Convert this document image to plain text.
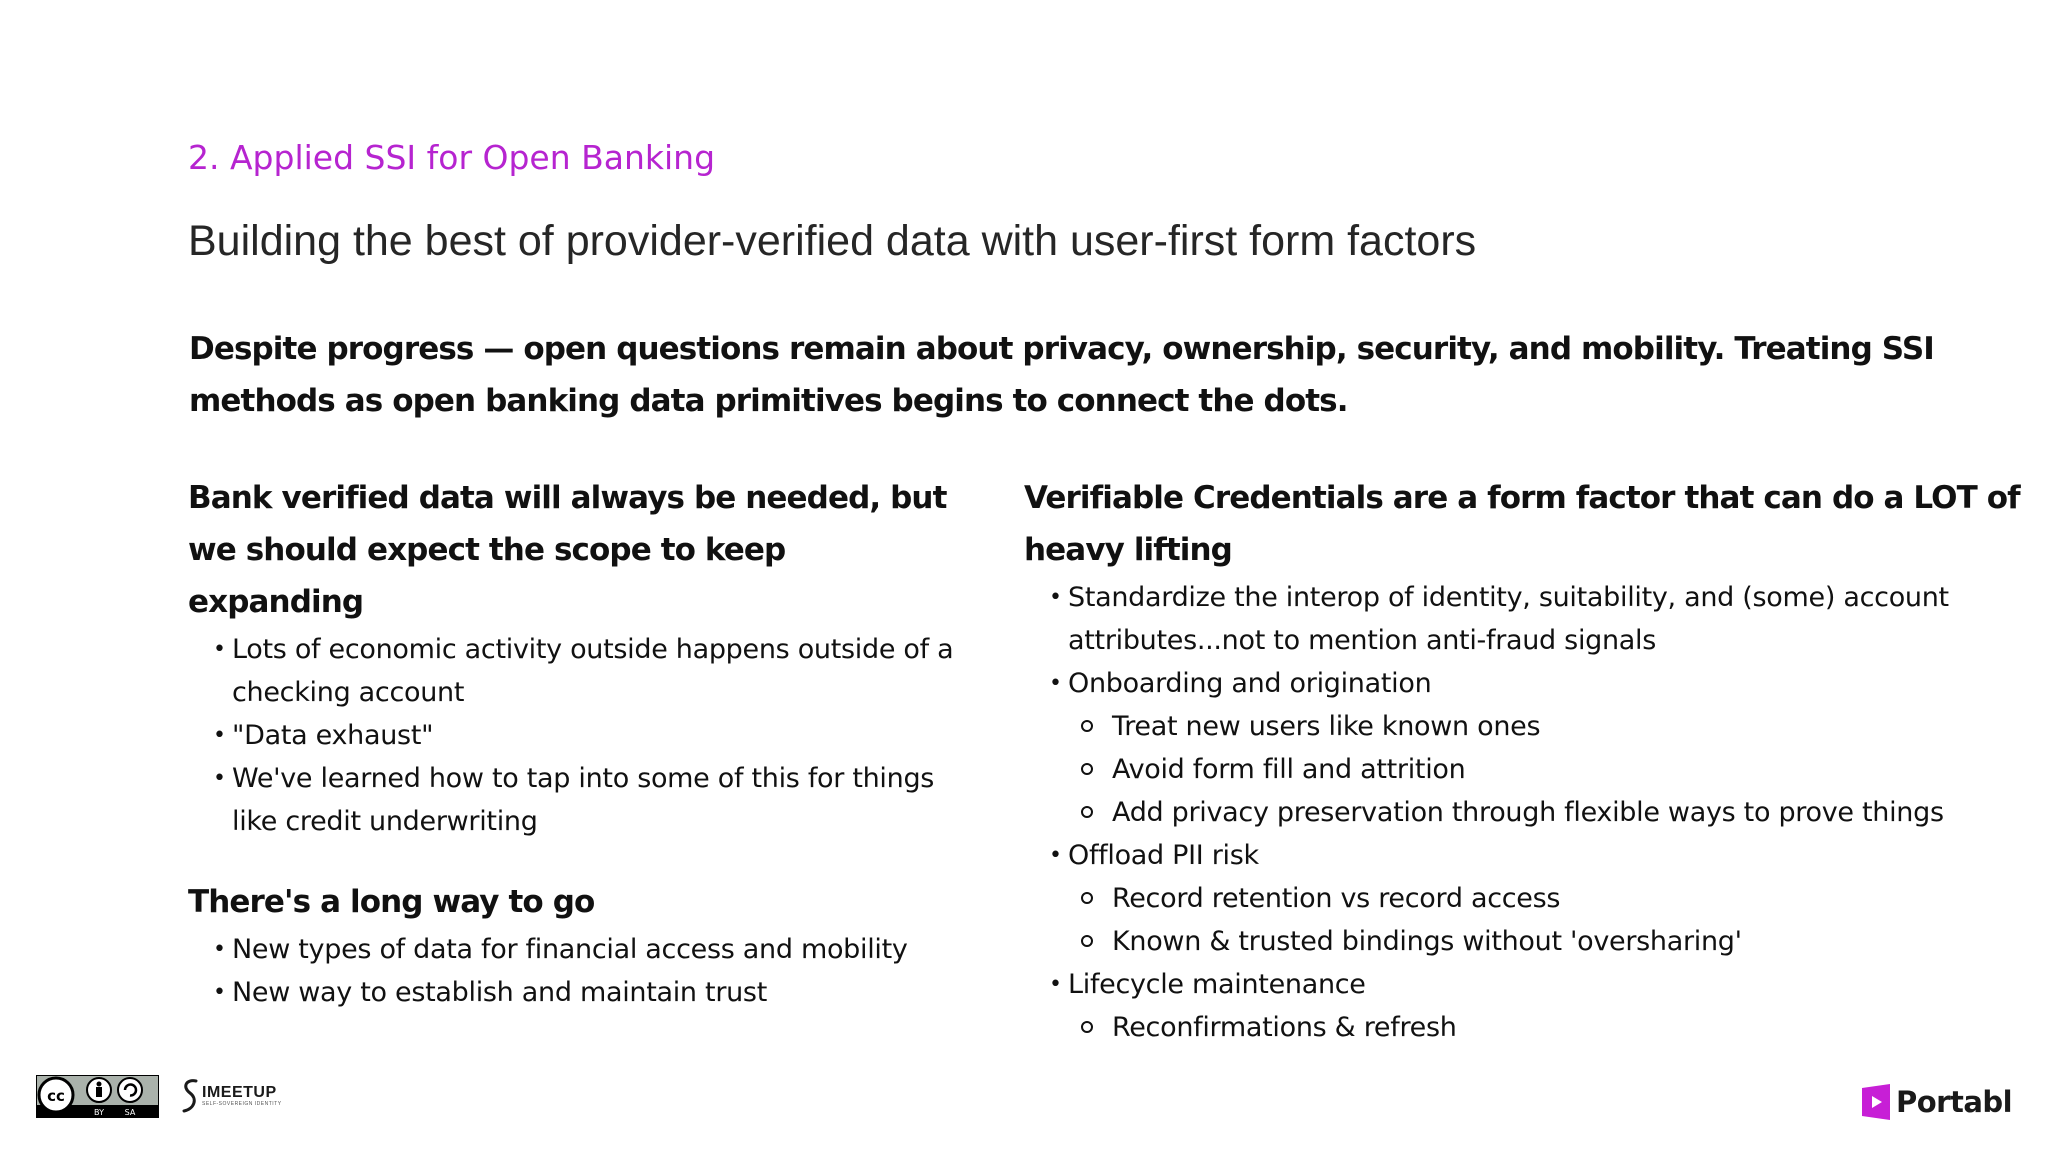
2. Applied SSI for Open Banking
Building the best of provider-verified data with user-first form factors
Despite progress — open questions remain about privacy, ownership, security, and mobility. Treating SSI methods as open banking data primitives begins to connect the dots.

Bank verified data will always be needed, but we should expect the scope to keep expanding

• Lots of economic activity outside happens outside of a checking account
• "Data exhaust"
• We've learned how to tap into some of this for things like credit underwriting

There's a long way to go

• New types of data for financial access and mobility
• New way to establish and maintain trust

Verifiable Credentials are a form factor that can do a LOT of heavy lifting

• Standardize the interop of identity, suitability, and (some) account attributes...not to mention anti-fraud signals
• Onboarding and origination
Treat new users like known ones
Avoid form fill and attrition
Add privacy preservation through flexible ways to prove things
• Offload PII risk
Record retention vs record access
Known & trusted bindings without 'oversharing'
• Lifecycle maintenance
Reconfirmations & refresh
cc
BY	SA
IMEETUP
SELF-SOVEREIGN IDENTITY	Portabl
